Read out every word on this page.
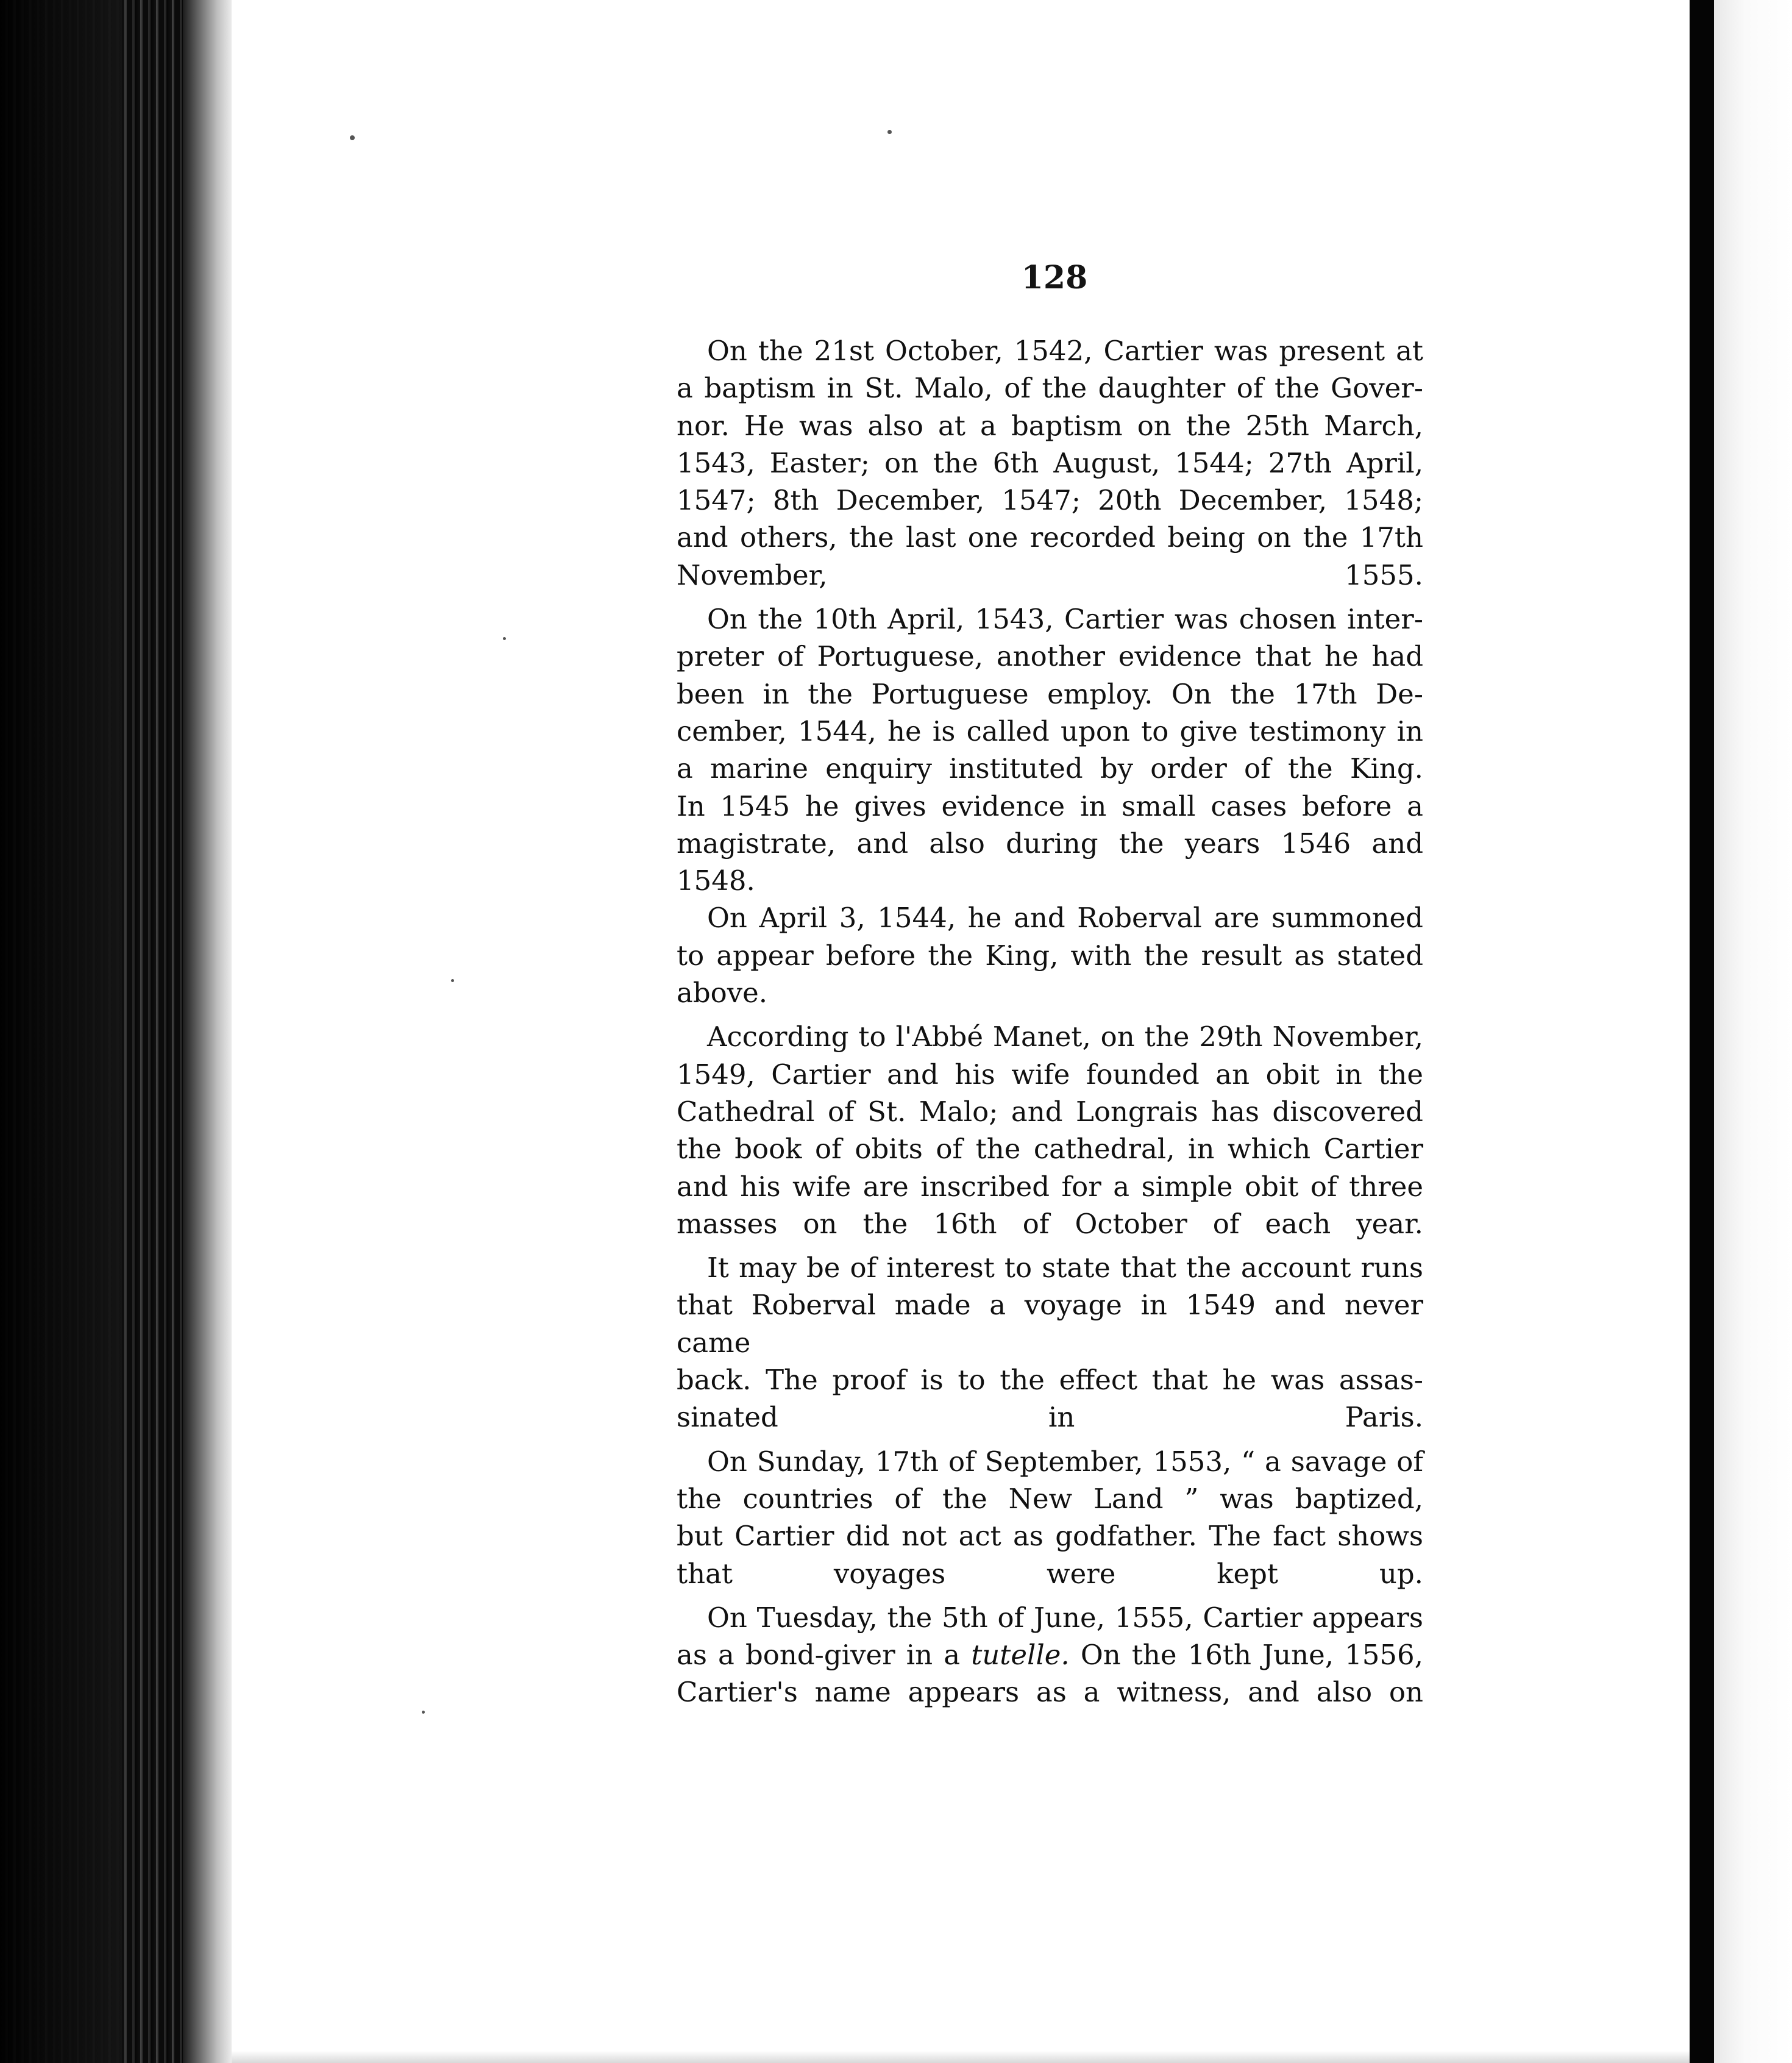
128
On the 21st October, 1542, Cartier was present at
a baptism in St. Malo, of the daughter of the Gover-
nor. He was also at a baptism on the 25th March,
1543, Easter; on the 6th August, 1544; 27th April,
1547; 8th December, 1547; 20th December, 1548;
and others, the last one recorded being on the 17th
November, 1555.
On the 10th April, 1543, Cartier was chosen inter-
preter of Portuguese, another evidence that he had
been in the Portuguese employ. On the 17th De-
cember, 1544, he is called upon to give testimony in
a marine enquiry instituted by order of the King.
In 1545 he gives evidence in small cases before a
magistrate, and also during the years 1546 and 1548.
On April 3, 1544, he and Roberval are summoned
to appear before the King, with the result as stated
above.
According to l'Abbé Manet, on the 29th November,
1549, Cartier and his wife founded an obit in the
Cathedral of St. Malo; and Longrais has discovered
the book of obits of the cathedral, in which Cartier
and his wife are inscribed for a simple obit of three
masses on the 16th of October of each year.
It may be of interest to state that the account runs
that Roberval made a voyage in 1549 and never came
back. The proof is to the effect that he was assas-
sinated in Paris.
On Sunday, 17th of September, 1553, “ a savage of
the countries of the New Land ” was baptized,
but Cartier did not act as godfather. The fact shows
that voyages were kept up.
On Tuesday, the 5th of June, 1555, Cartier appears
as a bond-giver in a tutelle. On the 16th June, 1556,
Cartier's name appears as a witness, and also on
